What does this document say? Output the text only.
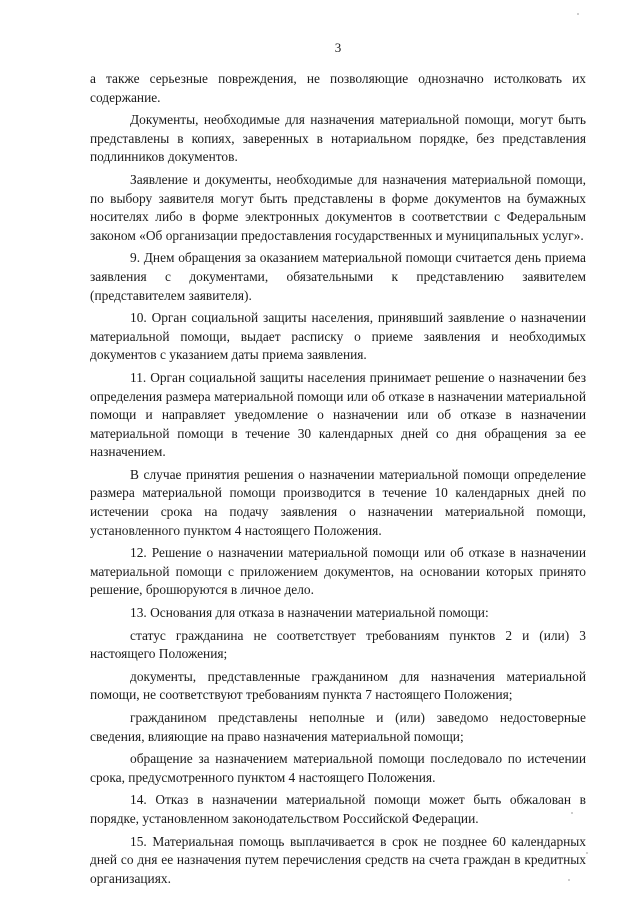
3

а также серьезные повреждения, не позволяющие однозначно истолковать их содержание.

Документы, необходимые для назначения материальной помощи, могут быть представлены в копиях, заверенных в нотариальном порядке, без представления подлинников документов.

Заявление и документы, необходимые для назначения материальной помощи, по выбору заявителя могут быть представлены в форме документов на бумажных носителях либо в форме электронных документов в соответствии с Федеральным законом «Об организации предоставления государственных и муниципальных услуг».

9. Днем обращения за оказанием материальной помощи считается день приема заявления с документами, обязательными к представлению заявителем (представителем заявителя).

10. Орган социальной защиты населения, принявший заявление о назначении материальной помощи, выдает расписку о приеме заявления и необходимых документов с указанием даты приема заявления.

11. Орган социальной защиты населения принимает решение о назначении без определения размера материальной помощи или об отказе в назначении материальной помощи и направляет уведомление о назначении или об отказе в назначении материальной помощи в течение 30 календарных дней со дня обращения за ее назначением.

В случае принятия решения о назначении материальной помощи определение размера материальной помощи производится в течение 10 календарных дней по истечении срока на подачу заявления о назначении материальной помощи, установленного пунктом 4 настоящего Положения.

12. Решение о назначении материальной помощи или об отказе в назначении материальной помощи с приложением документов, на основании которых принято решение, брошюруются в личное дело.

13. Основания для отказа в назначении материальной помощи:

статус гражданина не соответствует требованиям пунктов 2 и (или) 3 настоящего Положения;

документы, представленные гражданином для назначения материальной помощи, не соответствуют требованиям пункта 7 настоящего Положения;

гражданином представлены неполные и (или) заведомо недостоверные сведения, влияющие на право назначения материальной помощи;

обращение за назначением материальной помощи последовало по истечении срока, предусмотренного пунктом 4 настоящего Положения.

14. Отказ в назначении материальной помощи может быть обжалован в порядке, установленном законодательством Российской Федерации.

15. Материальная помощь выплачивается в срок не позднее 60 календарных дней со дня ее назначения путем перечисления средств на счета граждан в кредитных организациях.
